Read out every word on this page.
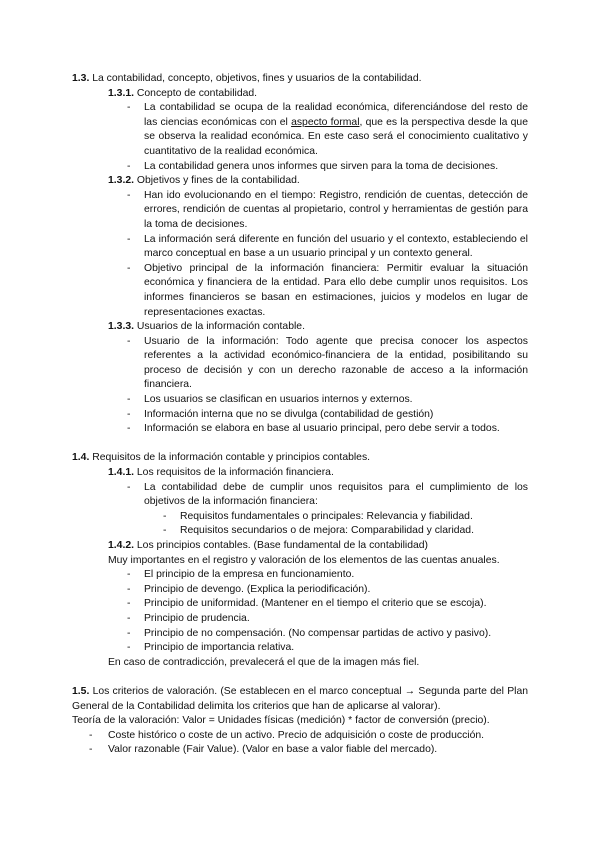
1.3. La contabilidad, concepto, objetivos, fines y usuarios de la contabilidad.

1.3.1. Concepto de contabilidad.

- La contabilidad se ocupa de la realidad económica, diferenciándose del resto de las ciencias económicas con el aspecto formal, que es la perspectiva desde la que se observa la realidad económica. En este caso será el conocimiento cualitativo y cuantitativo de la realidad económica.
- La contabilidad genera unos informes que sirven para la toma de decisiones.

1.3.2. Objetivos y fines de la contabilidad.

- Han ido evolucionando en el tiempo: Registro, rendición de cuentas, detección de errores, rendición de cuentas al propietario, control y herramientas de gestión para la toma de decisiones.
- La información será diferente en función del usuario y el contexto, estableciendo el marco conceptual en base a un usuario principal y un contexto general.
- Objetivo principal de la información financiera: Permitir evaluar la situación económica y financiera de la entidad. Para ello debe cumplir unos requisitos. Los informes financieros se basan en estimaciones, juicios y modelos en lugar de representaciones exactas.

1.3.3. Usuarios de la información contable.

- Usuario de la información: Todo agente que precisa conocer los aspectos referentes a la actividad económico-financiera de la entidad, posibilitando su proceso de decisión y con un derecho razonable de acceso a la información financiera.
- Los usuarios se clasifican en usuarios internos y externos.
- Información interna que no se divulga (contabilidad de gestión)
- Información se elabora en base al usuario principal, pero debe servir a todos.

1.4. Requisitos de la información contable y principios contables.

1.4.1. Los requisitos de la información financiera.

- La contabilidad debe de cumplir unos requisitos para el cumplimiento de los objetivos de la información financiera:
- Requisitos fundamentales o principales: Relevancia y fiabilidad.
- Requisitos secundarios o de mejora: Comparabilidad y claridad.

1.4.2. Los principios contables. (Base fundamental de la contabilidad)

Muy importantes en el registro y valoración de los elementos de las cuentas anuales.

- El principio de la empresa en funcionamiento.
- Principio de devengo. (Explica la periodificación).
- Principio de uniformidad. (Mantener en el tiempo el criterio que se escoja).
- Principio de prudencia.
- Principio de no compensación. (No compensar partidas de activo y pasivo).
- Principio de importancia relativa.

En caso de contradicción, prevalecerá el que de la imagen más fiel.

1.5. Los criterios de valoración. (Se establecen en el marco conceptual → Segunda parte del Plan General de la Contabilidad delimita los criterios que han de aplicarse al valorar).

Teoría de la valoración: Valor = Unidades físicas (medición) * factor de conversión (precio).

- Coste histórico o coste de un activo. Precio de adquisición o coste de producción.
- Valor razonable (Fair Value). (Valor en base a valor fiable del mercado).
